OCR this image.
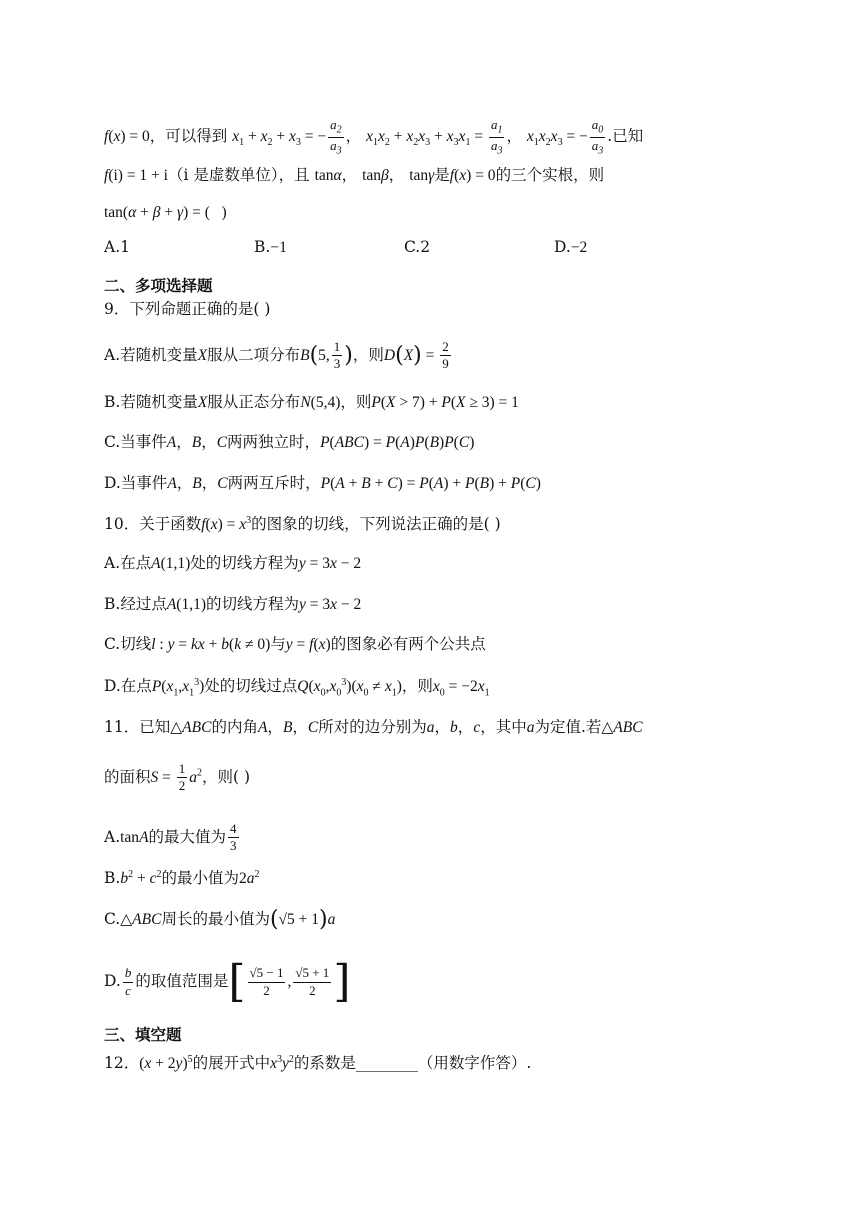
f(x) = 0，可以得到 $x_1 + x_2 + x_3$ = − $\frac{a_2}{a_3}$ ， $x_1x_2 + x_2x_3 + x_3x_1 = \frac{a_1}{a_3}$ ， $x_1x_2x_3$ = − $\frac{a_0}{a_3}$ .已知
f(i) = 1 + i（i 是虚数单位），且 tanα， tanβ， tanγ是f(x) = 0的三个实根，则
tan(α + β + γ) = (   )
A.1	B.−1	C.2	D.−2
二、多项选择题
9．下列命题正确的是( )
A.若随机变量X服从二项分布B(5, $\frac{1}{3}$ )，则$D(X) = \frac{2}{9}$
B.若随机变量X服从正态分布N(5,4)，则P(X > 7) + P(X ≥ 3) = 1
C.当事件A，B，C两两独立时，P(ABC) = P(A)P(B)P(C)
D.当事件A，B，C两两互斥时，P(A + B + C) = P(A) + P(B) + P(C)
10．关于函数$f(x) = x^3$的图象的切线，下列说法正确的是( )
A.在点A(1,1)处的切线方程为y = 3x − 2
B.经过点A(1,1)的切线方程为y = 3x − 2
C.切线l : y = kx + b(k ≠ 0)与y = f(x)的图象必有两个公共点
D.在点$P(x_1,x_1^3)$处的切线过点$Q(x_0,x_0^3)(x_0 \ne x_1)$，则$x_0 = -2x_1$
11．已知△ABC的内角A，B，C所对的边分别为a，b，c，其中a为定值.若△ABC
的面积$S = \frac{1}{2} a^2$，则( )
A.tanA的最大值为 $\frac{4}{3}$
$B.b^2 + c^2$的最小值为$2a^2$
C.△ABC周长的最小值为(√5 + 1)a
D. $\frac{b}{c}$ 的取值范围是[ $\frac{√5 - 1}{2}$ , $\frac{√5 + 1}{2}$ ]
三、填空题
12．$(x + 2y)^5$的展开式中$x^3y^2$的系数是________（用数字作答）.
